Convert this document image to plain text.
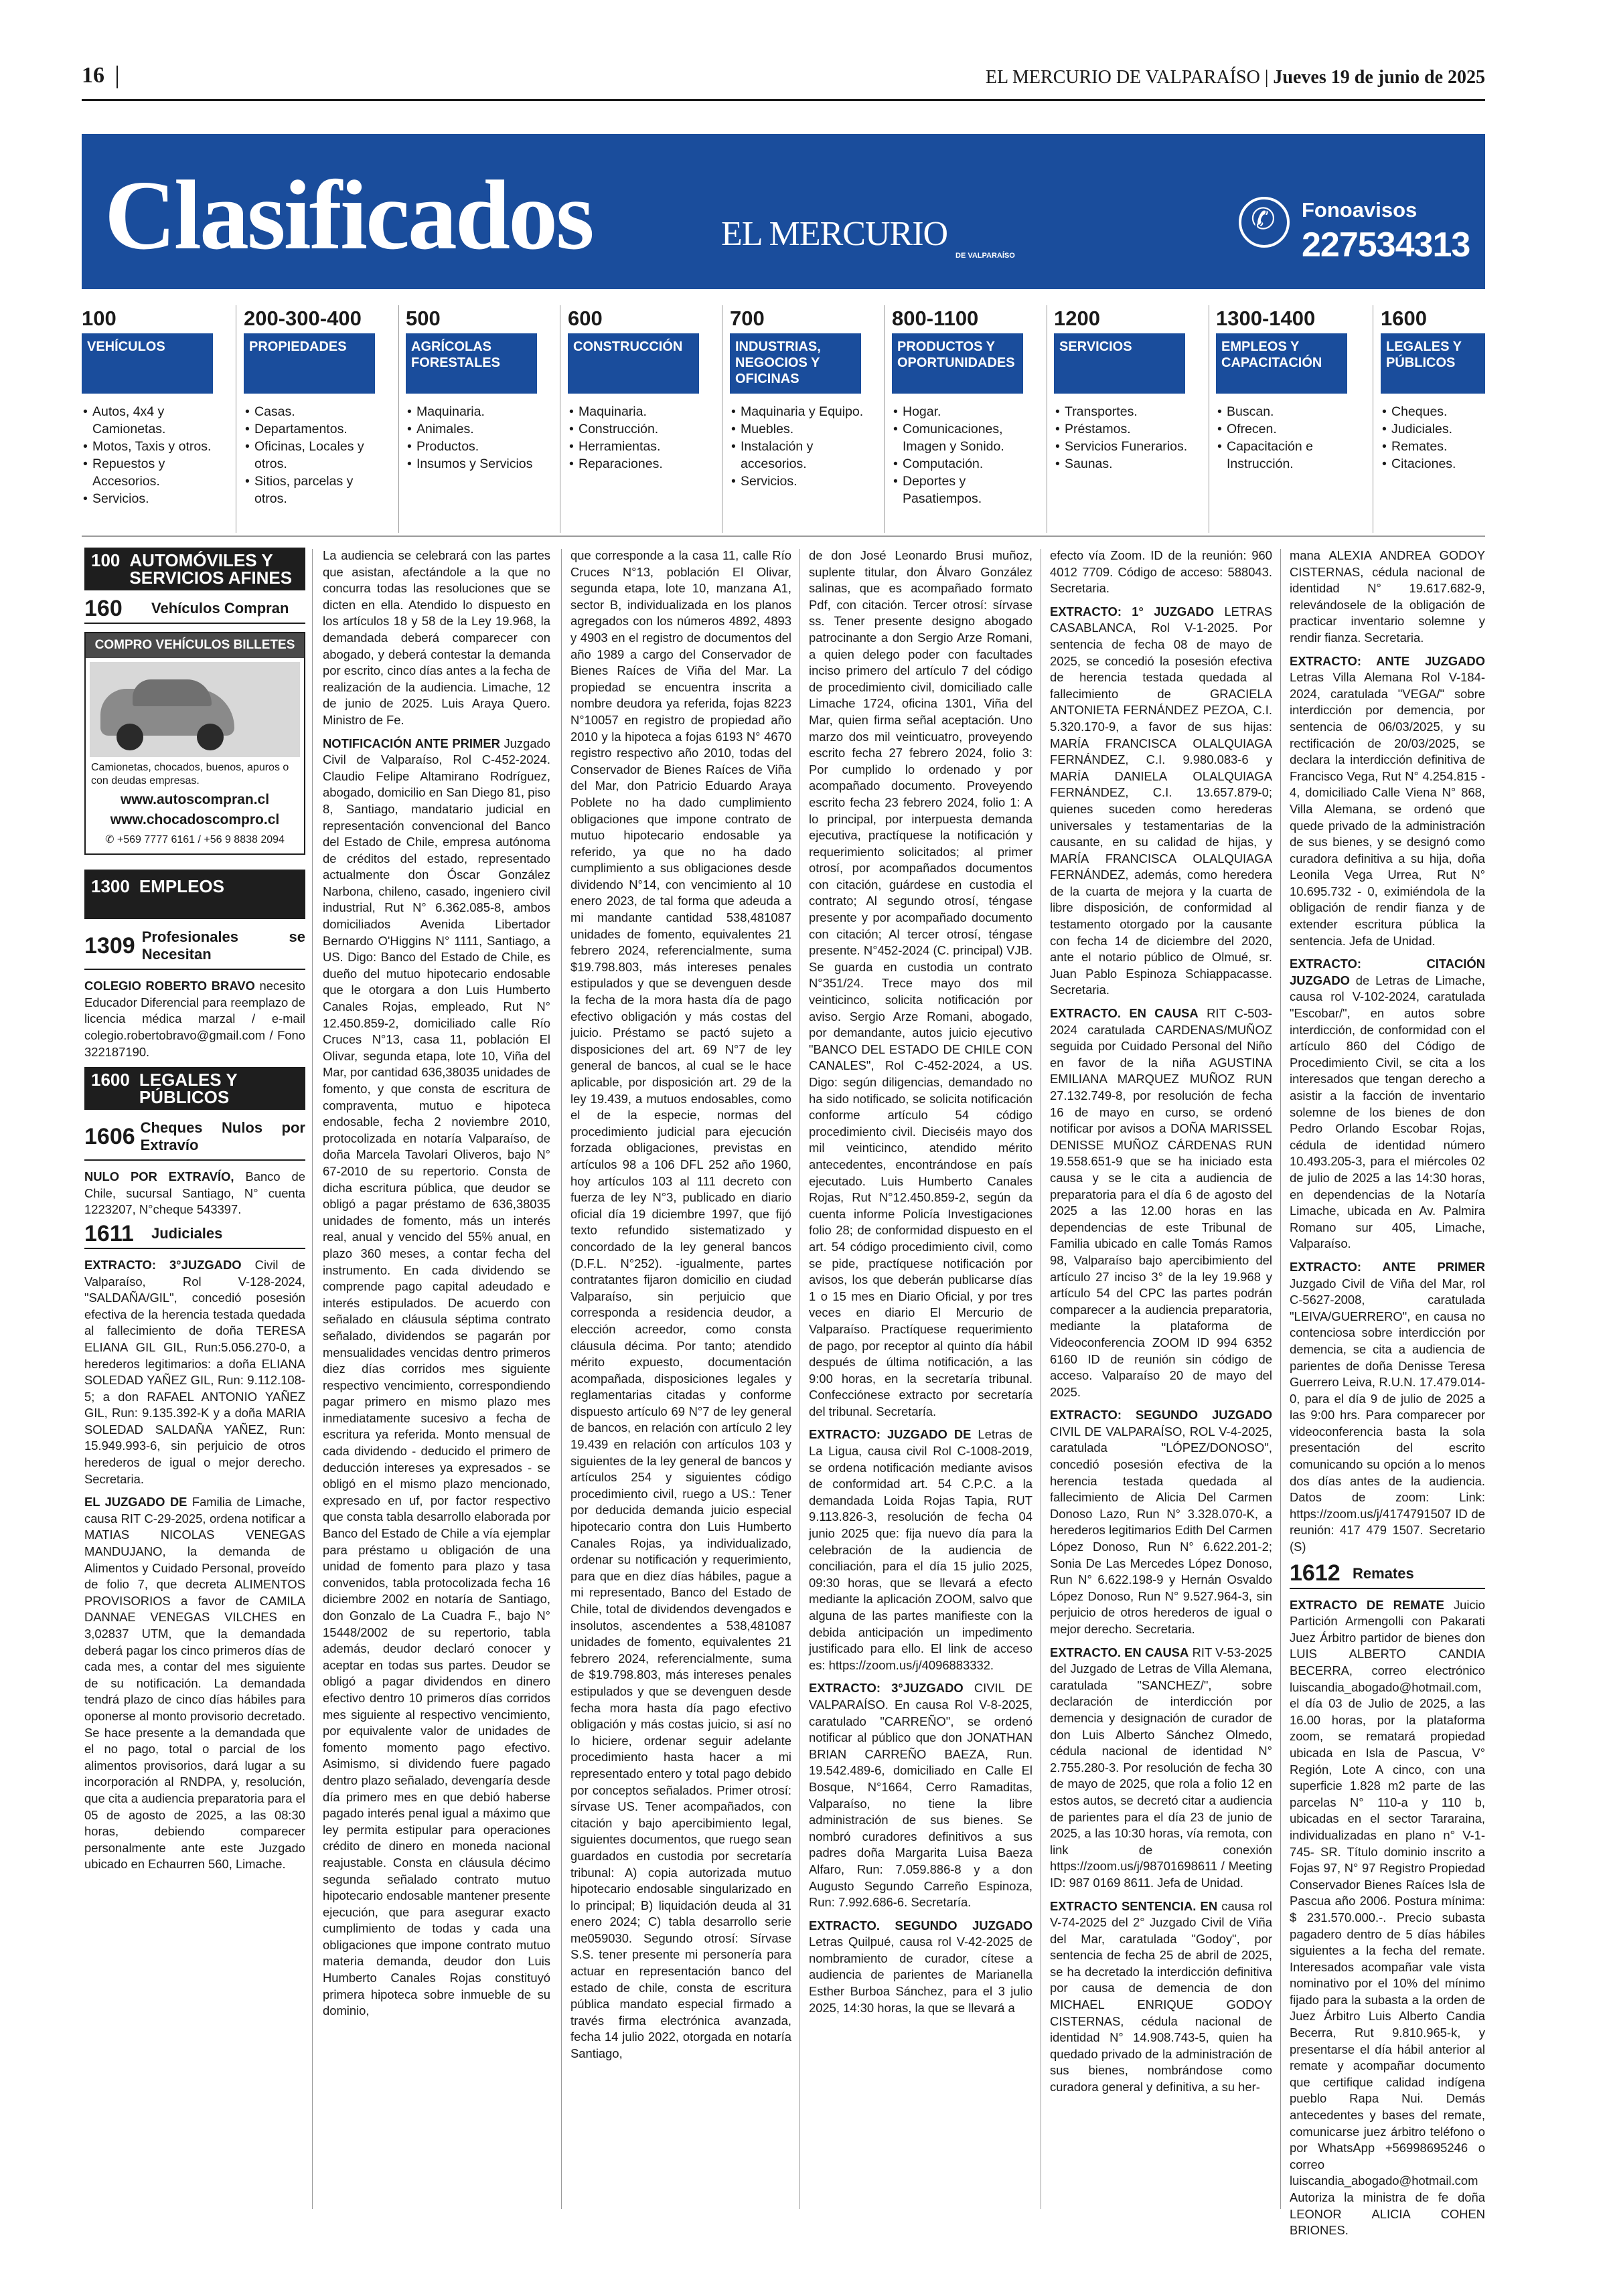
16	EL MERCURIO DE VALPARAÍSO | Jueves 19 de junio de 2025
Clasificados	EL MERCURIO
DE VALPARAÍSO
✆ Fonoavisos
227534313
100
VEHÍCULOS
• Autos, 4x4 y Camionetas.
• Motos, Taxis y otros.
• Repuestos y Accesorios.
• Servicios.
200-300-400
PROPIEDADES
• Casas.
• Departamentos.
• Oficinas, Locales y otros.
• Sitios, parcelas y otros.
500
AGRÍCOLAS FORESTALES
• Maquinaria.
• Animales.
• Productos.
• Insumos y Servicios
600
CONSTRUCCIÓN
• Maquinaria.
• Construcción.
• Herramientas.
• Reparaciones.
700
INDUSTRIAS, NEGOCIOS Y OFICINAS
• Maquinaria y Equipo.
• Muebles.
• Instalación y accesorios.
• Servicios.
800-1100
PRODUCTOS Y OPORTUNIDADES
• Hogar.
• Comunicaciones, Imagen y Sonido.
• Computación.
• Deportes y Pasatiempos.
1200
SERVICIOS
• Transportes.
• Préstamos.
• Servicios Funerarios.
• Saunas.
1300-1400
EMPLEOS Y CAPACITACIÓN
• Buscan.
• Ofrecen.
• Capacitación e Instrucción.
1600
LEGALES Y PÚBLICOS
• Cheques.
• Judiciales.
• Remates.
• Citaciones.
100 AUTOMÓVILES Y SERVICIOS AFINES
160	Vehículos Compran
COMPRO VEHÍCULOS BILLETES
Camionetas, chocados, buenos, apuros o con deudas empresas.
www.autoscompran.cl
www.chocadoscompro.cl
✆ +569 7777 6161 / +56 9 8838 2094
1300 EMPLEOS
1309 Profesionales se Necesitan

COLEGIO ROBERTO BRAVO necesito Educador Diferencial para reemplazo de licencia médica marzal / e-mail colegio.robertobravo@gmail.com / Fono 322187190.

1600 LEGALES Y PÚBLICOS
1606 Cheques Nulos por Extravío

NULO POR EXTRAVÍO, Banco de Chile, sucursal Santiago, N° cuenta 1223207, N°cheque 543397.

1611	Judiciales

EXTRACTO: 3°JUZGADO Civil de Valparaíso, Rol V-128-2024, "SALDAÑA/GIL", concedió posesión efectiva de la herencia testada quedada al fallecimiento de doña TERESA ELIANA GIL GIL, Run:5.056.270-0, a herederos legitimarios: a doña ELIANA SOLEDAD YAÑEZ GIL, Run: 9.112.108-5; a don RAFAEL ANTONIO YAÑEZ GIL, Run: 9.135.392-K y a doña MARIA SOLEDAD SALDAÑA YAÑEZ, Run: 15.949.993-6, sin perjuicio de otros herederos de igual o mejor derecho. Secretaria.

EL JUZGADO DE Familia de Limache, causa RIT C-29-2025, ordena notificar a MATIAS NICOLAS VENEGAS MANDUJANO, la demanda de Alimentos y Cuidado Personal, proveído de folio 7, que decreta ALIMENTOS PROVISORIOS a favor de CAMILA DANNAE VENEGAS VILCHES en 3,02837 UTM, que la demandada deberá pagar los cinco primeros días de cada mes, a contar del mes siguiente de su notificación. La demandada tendrá plazo de cinco días hábiles para oponerse al monto provisorio decretado. Se hace presente a la demandada que el no pago, total o parcial de los alimentos provisorios, dará lugar a su incorporación al RNDPA, y, resolución, que cita a audiencia preparatoria para el 05 de agosto de 2025, a las 08:30 horas, debiendo comparecer personalmente ante este Juzgado ubicado en Echaurren 560, Limache.

La audiencia se celebrará con las partes que asistan, afectándole a la que no concurra todas las resoluciones que se dicten en ella. Atendido lo dispuesto en los artículos 18 y 58 de la Ley 19.968, la demandada deberá comparecer con abogado, y deberá contestar la demanda por escrito, cinco días antes a la fecha de realización de la audiencia. Limache, 12 de junio de 2025. Luis Araya Quero. Ministro de Fe.

NOTIFICACIÓN ANTE PRIMER Juzgado Civil de Valparaíso, Rol C-452-2024. Claudio Felipe Altamirano Rodríguez, abogado, domicilio en San Diego 81, piso 8, Santiago, mandatario judicial en representación convencional del Banco del Estado de Chile, empresa autónoma de créditos del estado, representado actualmente don Óscar González Narbona, chileno, casado, ingeniero civil industrial, Rut N° 6.362.085-8, ambos domiciliados Avenida Libertador Bernardo O'Higgins N° 1111, Santiago, a US. Digo: Banco del Estado de Chile, es dueño del mutuo hipotecario endosable que le otorgara a don Luis Humberto Canales Rojas, empleado, Rut N° 12.450.859-2, domiciliado calle Río Cruces N°13, casa 11, población El Olivar, segunda etapa, lote 10, Viña del Mar, por cantidad 636,38035 unidades de fomento, y que consta de escritura de compraventa, mutuo e hipoteca endosable, fecha 2 noviembre 2010, protocolizada en notaría Valparaíso, de doña Marcela Tavolari Oliveros, bajo N° 67-2010 de su repertorio. Consta de dicha escritura pública, que deudor se obligó a pagar préstamo de 636,38035 unidades de fomento, más un interés real, anual y vencido del 55% anual, en plazo 360 meses, a contar fecha del instrumento. En cada dividendo se comprende pago capital adeudado e interés estipulados. De acuerdo con señalado en cláusula séptima contrato señalado, dividendos se pagarán por mensualidades vencidas dentro primeros diez días corridos mes siguiente respectivo vencimiento, correspondiendo pagar primero en mismo plazo mes inmediatamente sucesivo a fecha de escritura ya referida. Monto mensual de cada dividendo - deducido el primero de deducción intereses ya expresados - se obligó en el mismo plazo mencionado, expresado en uf, por factor respectivo que consta tabla desarrollo elaborada por Banco del Estado de Chile a vía ejemplar para préstamo u obligación de una unidad de fomento para plazo y tasa convenidos, tabla protocolizada fecha 16 diciembre 2002 en notaría de Santiago, don Gonzalo de La Cuadra F., bajo N° 15448/2002 de su repertorio, tabla además, deudor declaró conocer y aceptar en todas sus partes. Deudor se obligó a pagar dividendos en dinero efectivo dentro 10 primeros días corridos mes siguiente al respectivo vencimiento, por equivalente valor de unidades de fomento momento pago efectivo. Asimismo, si dividendo fuere pagado dentro plazo señalado, devengaría desde día primero mes en que debió haberse pagado interés penal igual a máximo que ley permita estipular para operaciones crédito de dinero en moneda nacional reajustable. Consta en cláusula décimo segunda señalado contrato mutuo hipotecario endosable mantener presente ejecución, que para asegurar exacto cumplimiento de todas y cada una obligaciones que impone contrato mutuo materia demanda, deudor don Luis Humberto Canales Rojas constituyó primera hipoteca sobre inmueble de su dominio,

que corresponde a la casa 11, calle Río Cruces N°13, población El Olivar, segunda etapa, lote 10, manzana A1, sector B, individualizada en los planos agregados con los números 4892, 4893 y 4903 en el registro de documentos del año 1989 a cargo del Conservador de Bienes Raíces de Viña del Mar. La propiedad se encuentra inscrita a nombre deudora ya referida, fojas 8223 N°10057 en registro de propiedad año 2010 y la hipoteca a fojas 6193 N° 4670 registro respectivo año 2010, todas del Conservador de Bienes Raíces de Viña del Mar, don Patricio Eduardo Araya Poblete no ha dado cumplimiento obligaciones que impone contrato de mutuo hipotecario endosable ya referido, ya que no ha dado cumplimiento a sus obligaciones desde dividendo N°14, con vencimiento al 10 enero 2023, de tal forma que adeuda a mi mandante cantidad 538,481087 unidades de fomento, equivalentes 21 febrero 2024, referencialmente, suma $19.798.803, más intereses penales estipulados y que se devenguen desde la fecha de la mora hasta día de pago efectivo obligación y más costas del juicio. Préstamo se pactó sujeto a disposiciones del art. 69 N°7 de ley general de bancos, al cual se le hace aplicable, por disposición art. 29 de la ley 19.439, a mutuos endosables, como el de la especie, normas del procedimiento judicial para ejecución forzada obligaciones, previstas en artículos 98 a 106 DFL 252 año 1960, hoy artículos 103 al 111 decreto con fuerza de ley N°3, publicado en diario oficial día 19 diciembre 1997, que fijó texto refundido sistematizado y concordado de la ley general bancos (D.F.L. N°252). -igualmente, partes contratantes fijaron domicilio en ciudad Valparaíso, sin perjuicio que corresponda a residencia deudor, a elección acreedor, como consta cláusula décima. Por tanto; atendido mérito expuesto, documentación acompañada, disposiciones legales y reglamentarias citadas y conforme dispuesto artículo 69 N°7 de ley general de bancos, en relación con artículo 2 ley 19.439 en relación con artículos 103 y siguientes de la ley general de bancos y artículos 254 y siguientes código procedimiento civil, ruego a US.: Tener por deducida demanda juicio especial hipotecario contra don Luis Humberto Canales Rojas, ya individualizado, ordenar su notificación y requerimiento, para que en diez días hábiles, pague a mi representado, Banco del Estado de Chile, total de dividendos devengados e insolutos, ascendentes a 538,481087 unidades de fomento, equivalentes 21 febrero 2024, referencialmente, suma de $19.798.803, más intereses penales estipulados y que se devenguen desde fecha mora hasta día pago efectivo obligación y más costas juicio, si así no lo hiciere, ordenar seguir adelante procedimiento hasta hacer a mi representado entero y total pago debido por conceptos señalados. Primer otrosí: sírvase US. Tener acompañados, con citación y bajo apercibimiento legal, siguientes documentos, que ruego sean guardados en custodia por secretaría tribunal: A) copia autorizada mutuo hipotecario endosable singularizado en lo principal; B) liquidación deuda al 31 enero 2024; C) tabla desarrollo serie me059030. Segundo otrosí: Sírvase S.S. tener presente mi personería para actuar en representación banco del estado de chile, consta de escritura pública mandato especial firmado a través firma electrónica avanzada, fecha 14 julio 2022, otorgada en notaría Santiago,

de don José Leonardo Brusi muñoz, suplente titular, don Álvaro González salinas, que es acompañado formato Pdf, con citación. Tercer otrosí: sírvase ss. Tener presente designo abogado patrocinante a don Sergio Arze Romani, a quien delego poder con facultades inciso primero del artículo 7 del código de procedimiento civil, domiciliado calle Limache 1724, oficina 1301, Viña del Mar, quien firma señal aceptación. Uno marzo dos mil veinticuatro, proveyendo escrito fecha 27 febrero 2024, folio 3: Por cumplido lo ordenado y por acompañado documento. Proveyendo escrito fecha 23 febrero 2024, folio 1: A lo principal, por interpuesta demanda ejecutiva, practíquese la notificación y requerimiento solicitados; al primer otrosí, por acompañados documentos con citación, guárdese en custodia el contrato; Al segundo otrosí, téngase presente y por acompañado documento con citación; Al tercer otrosí, téngase presente. N°452-2024 (C. principal) VJB. Se guarda en custodia un contrato N°351/24. Trece mayo dos mil veinticinco, solicita notificación por aviso. Sergio Arze Romani, abogado, por demandante, autos juicio ejecutivo "BANCO DEL ESTADO DE CHILE CON CANALES", Rol C-452-2024, a US. Digo: según diligencias, demandado no ha sido notificado, se solicita notificación conforme artículo 54 código procedimiento civil. Dieciséis mayo dos mil veinticinco, atendido mérito antecedentes, encontrándose en país ejecutado. Luis Humberto Canales Rojas, Rut N°12.450.859-2, según da cuenta informe Policía Investigaciones folio 28; de conformidad dispuesto en el art. 54 código procedimiento civil, como se pide, practíquese notificación por avisos, los que deberán publicarse días 1 o 15 mes en Diario Oficial, y por tres veces en diario El Mercurio de Valparaíso. Practíquese requerimiento de pago, por receptor al quinto día hábil después de última notificación, a las 9:00 horas, en la secretaría tribunal. Confecciónese extracto por secretaría del tribunal. Secretaría.

EXTRACTO: JUZGADO DE Letras de La Ligua, causa civil Rol C-1008-2019, se ordena notificación mediante avisos de conformidad art. 54 C.P.C. a la demandada Loida Rojas Tapia, RUT 9.113.826-3, resolución de fecha 04 junio 2025 que: fija nuevo día para la celebración de la audiencia de conciliación, para el día 15 julio 2025, 09:30 horas, que se llevará a efecto mediante la aplicación ZOOM, salvo que alguna de las partes manifieste con la debida anticipación un impedimento justificado para ello. El link de acceso es: https://zoom.us/j/4096883332.

EXTRACTO: 3°JUZGADO CIVIL DE VALPARAÍSO. En causa Rol V-8-2025, caratulado "CARREÑO", se ordenó notificar al público que don JONATHAN BRIAN CARREÑO BAEZA, Run. 19.542.489-6, domiciliado en Calle El Bosque, N°1664, Cerro Ramaditas, Valparaíso, no tiene la libre administración de sus bienes. Se nombró curadores definitivos a sus padres doña Margarita Luisa Baeza Alfaro, Run: 7.059.886-8 y a don Augusto Segundo Carreño Espinoza, Run: 7.992.686-6. Secretaría.

EXTRACTO. SEGUNDO JUZGADO Letras Quilpué, causa rol V-42-2025 de nombramiento de curador, cítese a audiencia de parientes de Marianella Esther Burboa Sánchez, para el 3 julio 2025, 14:30 horas, la que se llevará a

efecto vía Zoom. ID de la reunión: 960 4012 7709. Código de acceso: 588043. Secretaria.

EXTRACTO: 1° JUZGADO LETRAS CASABLANCA, Rol V-1-2025. Por sentencia de fecha 08 de mayo de 2025, se concedió la posesión efectiva de herencia testada quedada al fallecimiento de GRACIELA ANTONIETA FERNÁNDEZ PEZOA, C.I. 5.320.170-9, a favor de sus hijas: MARÍA FRANCISCA OLALQUIAGA FERNÁNDEZ, C.I. 9.980.083-6 y MARÍA DANIELA OLALQUIAGA FERNÁNDEZ, C.I. 13.657.879-0; quienes suceden como herederas universales y testamentarias de la causante, en su calidad de hijas, y MARÍA FRANCISCA OLALQUIAGA FERNÁNDEZ, además, como heredera de la cuarta de mejora y la cuarta de libre disposición, de conformidad al testamento otorgado por la causante con fecha 14 de diciembre del 2020, ante el notario público de Olmué, sr. Juan Pablo Espinoza Schiappacasse. Secretaria.

EXTRACTO. EN CAUSA RIT C-503-2024 caratulada CARDENAS/MUÑOZ seguida por Cuidado Personal del Niño en favor de la niña AGUSTINA EMILIANA MARQUEZ MUÑOZ RUN 27.132.749-8, por resolución de fecha 16 de mayo en curso, se ordenó notificar por avisos a DOÑA MARISSEL DENISSE MUÑOZ CÁRDENAS RUN 19.558.651-9 que se ha iniciado esta causa y se le cita a audiencia de preparatoria para el día 6 de agosto del 2025 a las 12.00 horas en las dependencias de este Tribunal de Familia ubicado en calle Tomás Ramos 98, Valparaíso bajo apercibimiento del artículo 27 inciso 3° de la ley 19.968 y artículo 54 del CPC las partes podrán comparecer a la audiencia preparatoria, mediante la plataforma de Videoconferencia ZOOM ID 994 6352 6160 ID de reunión sin código de acceso. Valparaíso 20 de mayo del 2025.

EXTRACTO: SEGUNDO JUZGADO CIVIL DE VALPARAÍSO, ROL V-4-2025, caratulada "LÓPEZ/DONOSO", concedió posesión efectiva de la herencia testada quedada al fallecimiento de Alicia Del Carmen Donoso Lazo, Run N° 3.328.070-K, a herederos legitimarios Edith Del Carmen López Donoso, Run N° 6.622.201-2; Sonia De Las Mercedes López Donoso, Run N° 6.622.198-9 y Hernán Osvaldo López Donoso, Run N° 9.527.964-3, sin perjuicio de otros herederos de igual o mejor derecho. Secretaria.

EXTRACTO. EN CAUSA RIT V-53-2025 del Juzgado de Letras de Villa Alemana, caratulada "SANCHEZ/", sobre declaración de interdicción por demencia y designación de curador de don Luis Alberto Sánchez Olmedo, cédula nacional de identidad N° 2.755.280-3. Por resolución de fecha 30 de mayo de 2025, que rola a folio 12 en estos autos, se decretó citar a audiencia de parientes para el día 23 de junio de 2025, a las 10:30 horas, vía remota, con link de conexión https://zoom.us/j/98701698611 / Meeting ID: 987 0169 8611. Jefa de Unidad.

EXTRACTO SENTENCIA. EN causa rol V-74-2025 del 2° Juzgado Civil de Viña del Mar, caratulada "Godoy", por sentencia de fecha 25 de abril de 2025, se ha decretado la interdicción definitiva por causa de demencia de don MICHAEL ENRIQUE GODOY CISTERNAS, cédula nacional de identidad N° 14.908.743-5, quien ha quedado privado de la administración de sus bienes, nombrándose como curadora general y definitiva, a su her-

mana ALEXIA ANDREA GODOY CISTERNAS, cédula nacional de identidad N° 19.617.682-9, relevándosele de la obligación de practicar inventario solemne y rendir fianza. Secretaria.

EXTRACTO: ANTE JUZGADO Letras Villa Alemana Rol V-184-2024, caratulada "VEGA/" sobre interdicción por demencia, por sentencia de 06/03/2025, y su rectificación de 20/03/2025, se declara la interdicción definitiva de Francisco Vega, Rut N° 4.254.815 - 4, domiciliado Calle Viena N° 868, Villa Alemana, se ordenó que quede privado de la administración de sus bienes, y se designó como curadora definitiva a su hija, doña Leonila Vega Urrea, Rut N° 10.695.732 - 0, eximiéndola de la obligación de rendir fianza y de extender escritura pública la sentencia. Jefa de Unidad.

EXTRACTO: CITACIÓN JUZGADO de Letras de Limache, causa rol V-102-2024, caratulada "Escobar/", en autos sobre interdicción, de conformidad con el artículo 860 del Código de Procedimiento Civil, se cita a los interesados que tengan derecho a asistir a la facción de inventario solemne de los bienes de don Pedro Orlando Escobar Rojas, cédula de identidad número 10.493.205-3, para el miércoles 02 de julio de 2025 a las 14:30 horas, en dependencias de la Notaría Limache, ubicada en Av. Palmira Romano sur 405, Limache, Valparaíso.

EXTRACTO: ANTE PRIMER Juzgado Civil de Viña del Mar, rol C-5627-2008, caratulada "LEIVA/GUERRERO", en causa no contenciosa sobre interdicción por demencia, se cita a audiencia de parientes de doña Denisse Teresa Guerrero Leiva, R.U.N. 17.479.014-0, para el día 9 de julio de 2025 a las 9:00 hrs. Para comparecer por videoconferencia basta la sola presentación del escrito comunicando su opción a lo menos dos días antes de la audiencia. Datos de zoom: Link: https://zoom.us/j/4174791507 ID de reunión: 417 479 1507. Secretario (S)

1612 Remates

EXTRACTO DE REMATE Juicio Partición Armengolli con Pakarati Juez Árbitro partidor de bienes don LUIS ALBERTO CANDIA BECERRA, correo electrónico luiscandia_abogado@hotmail.com, el día 03 de Julio de 2025, a las 16.00 horas, por la plataforma zoom, se rematará propiedad ubicada en Isla de Pascua, V° Región, Lote A cinco, con una superficie 1.828 m2 parte de las parcelas N° 110-a y 110 b, ubicadas en el sector Tararaina, individualizadas en plano n° V-1-745- SR. Título dominio inscrito a Fojas 97, N° 97 Registro Propiedad Conservador Bienes Raíces Isla de Pascua año 2006. Postura mínima: $ 231.570.000.-. Precio subasta pagadero dentro de 5 días hábiles siguientes a la fecha del remate. Interesados acompañar vale vista nominativo por el 10% del mínimo fijado para la subasta a la orden de Juez Árbitro Luis Alberto Candia Becerra, Rut 9.810.965-k, y presentarse el día hábil anterior al remate y acompañar documento que certifique calidad indígena pueblo Rapa Nui. Demás antecedentes y bases del remate, comunicarse juez árbitro teléfono o por WhatsApp +56998695246 o correo luiscandia_abogado@hotmail.com Autoriza la ministra de fe doña LEONOR ALICIA COHEN BRIONES.
